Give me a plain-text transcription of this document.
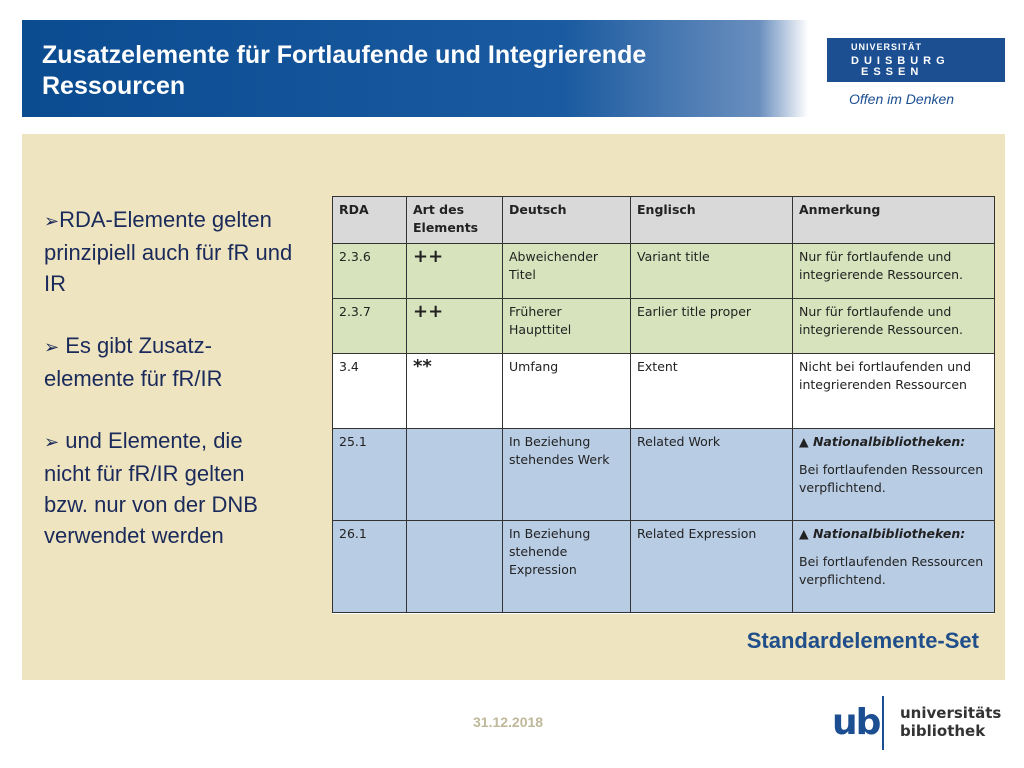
Zusatzelemente für Fortlaufende und Integrierende Ressourcen
UNIVERSITÄT
DUISBURG
ESSEN
Offen im Denken
➢RDA-Elemente gelten prinzipiell auch für fR und IR
➢ Es gibt Zusatz-elemente für fR/IR
➢ und Elemente, die nicht für fR/IR gelten bzw. nur von der DNB verwendet werden
RDA	Art des Elements	Deutsch	Englisch	Anmerkung
2.3.6	++	Abweichender Titel	Variant title	Nur für fortlaufende und integrierende Ressourcen.
2.3.7	++	Früherer Haupttitel	Earlier title proper	Nur für fortlaufende und integrierende Ressourcen.
3.4	**	Umfang	Extent	Nicht bei fortlaufenden und integrierenden Ressourcen
25.1		In Beziehung stehendes Werk	Related Work	▲ Nationalbibliotheken:
Bei fortlaufenden Ressourcen verpflichtend.

26.1		In Beziehung stehende Expression	Related Expression	▲ Nationalbibliotheken:
Bei fortlaufenden Ressourcen verpflichtend.
Standardelemente-Set
31.12.2018	ub universitäts
bibliothek
